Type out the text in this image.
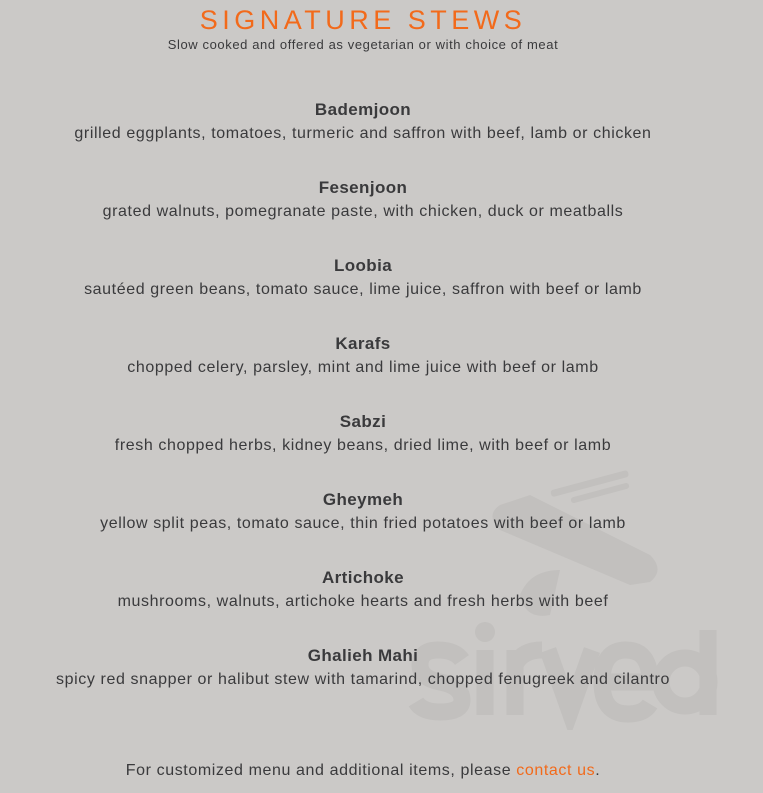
SIGNATURE STEWS
Slow cooked and offered as vegetarian or with choice of meat
Bademjoon
grilled eggplants, tomatoes, turmeric and saffron with beef, lamb or chicken
Fesenjoon
grated walnuts, pomegranate paste, with chicken, duck or meatballs
Loobia
sautéed green beans, tomato sauce, lime juice, saffron with beef or lamb
Karafs
chopped celery, parsley, mint and lime juice with beef or lamb
Sabzi
fresh chopped herbs, kidney beans, dried lime, with beef or lamb
Gheymeh
yellow split peas, tomato sauce, thin fried potatoes with beef or lamb
Artichoke
mushrooms, walnuts, artichoke hearts and fresh herbs with beef
Ghalieh Mahi
spicy red snapper or halibut stew with tamarind, chopped fenugreek and cilantro
For customized menu and additional items, please contact us.
